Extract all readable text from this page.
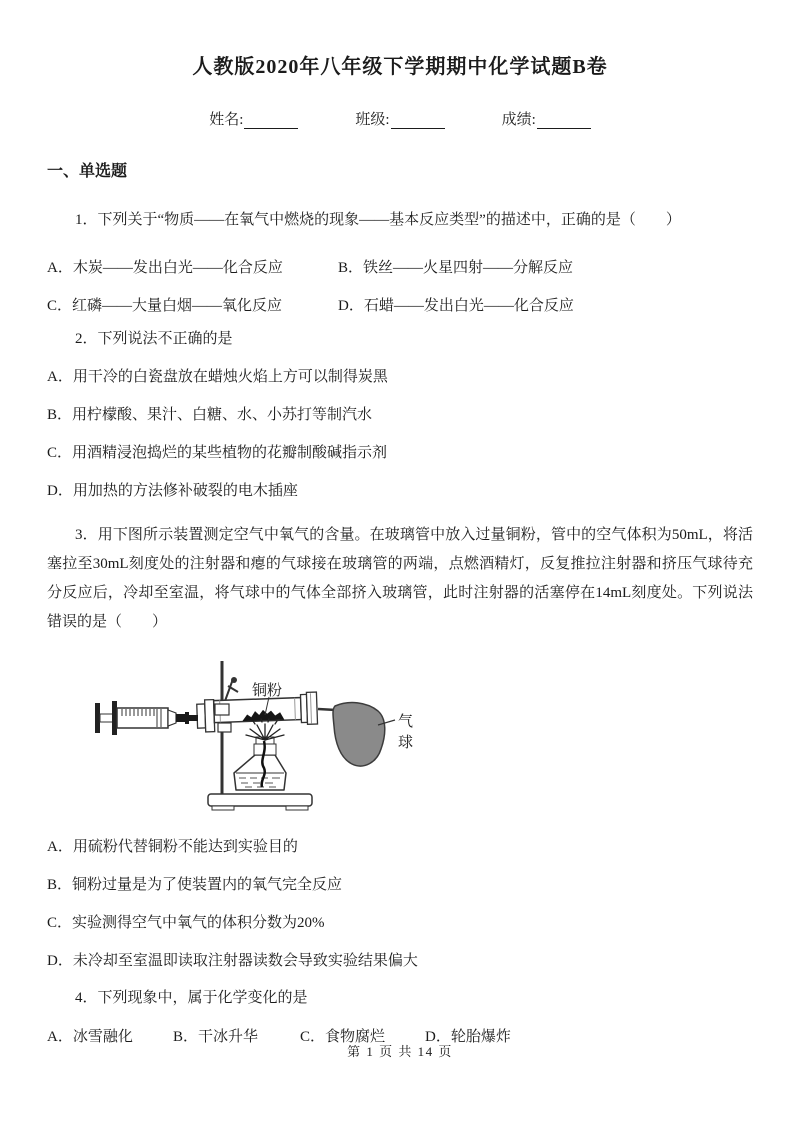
人教版2020年八年级下学期期中化学试题B卷
姓名:	班级:	成绩:
一、单选题

1．下列关于“物质——在氧气中燃烧的现象——基本反应类型”的描述中，正确的是（　　）

A．木炭——发出白光——化合反应	B．铁丝——火星四射——分解反应
C．红磷——大量白烟——氧化反应	D．石蜡——发出白光——化合反应

2．下列说法不正确的是

A．用干冷的白瓷盘放在蜡烛火焰上方可以制得炭黑
B．用柠檬酸、果汁、白糖、水、小苏打等制汽水
C．用酒精浸泡捣烂的某些植物的花瓣制酸碱指示剂
D．用加热的方法修补破裂的电木插座

3．用下图所示装置测定空气中氧气的含量。在玻璃管中放入过量铜粉，管中的空气体积为50mL，将活塞拉至30mL刻度处的注射器和瘪的气球接在玻璃管的两端，点燃酒精灯，反复推拉注射器和挤压气球待充分反应后，冷却至室温，将气球中的气体全部挤入玻璃管，此时注射器的活塞停在14mL刻度处。下列说法错误的是（　　）

铜粉
气
球
A．用硫粉代替铜粉不能达到实验目的
B．铜粉过量是为了使装置内的氧气完全反应
C．实验测得空气中氧气的体积分数为20%
D．未冷却至室温即读取注射器读数会导致实验结果偏大

4．下列现象中，属于化学变化的是

A．冰雪融化	B．干冰升华	C．食物腐烂	D．轮胎爆炸
第 1 页 共 14 页
